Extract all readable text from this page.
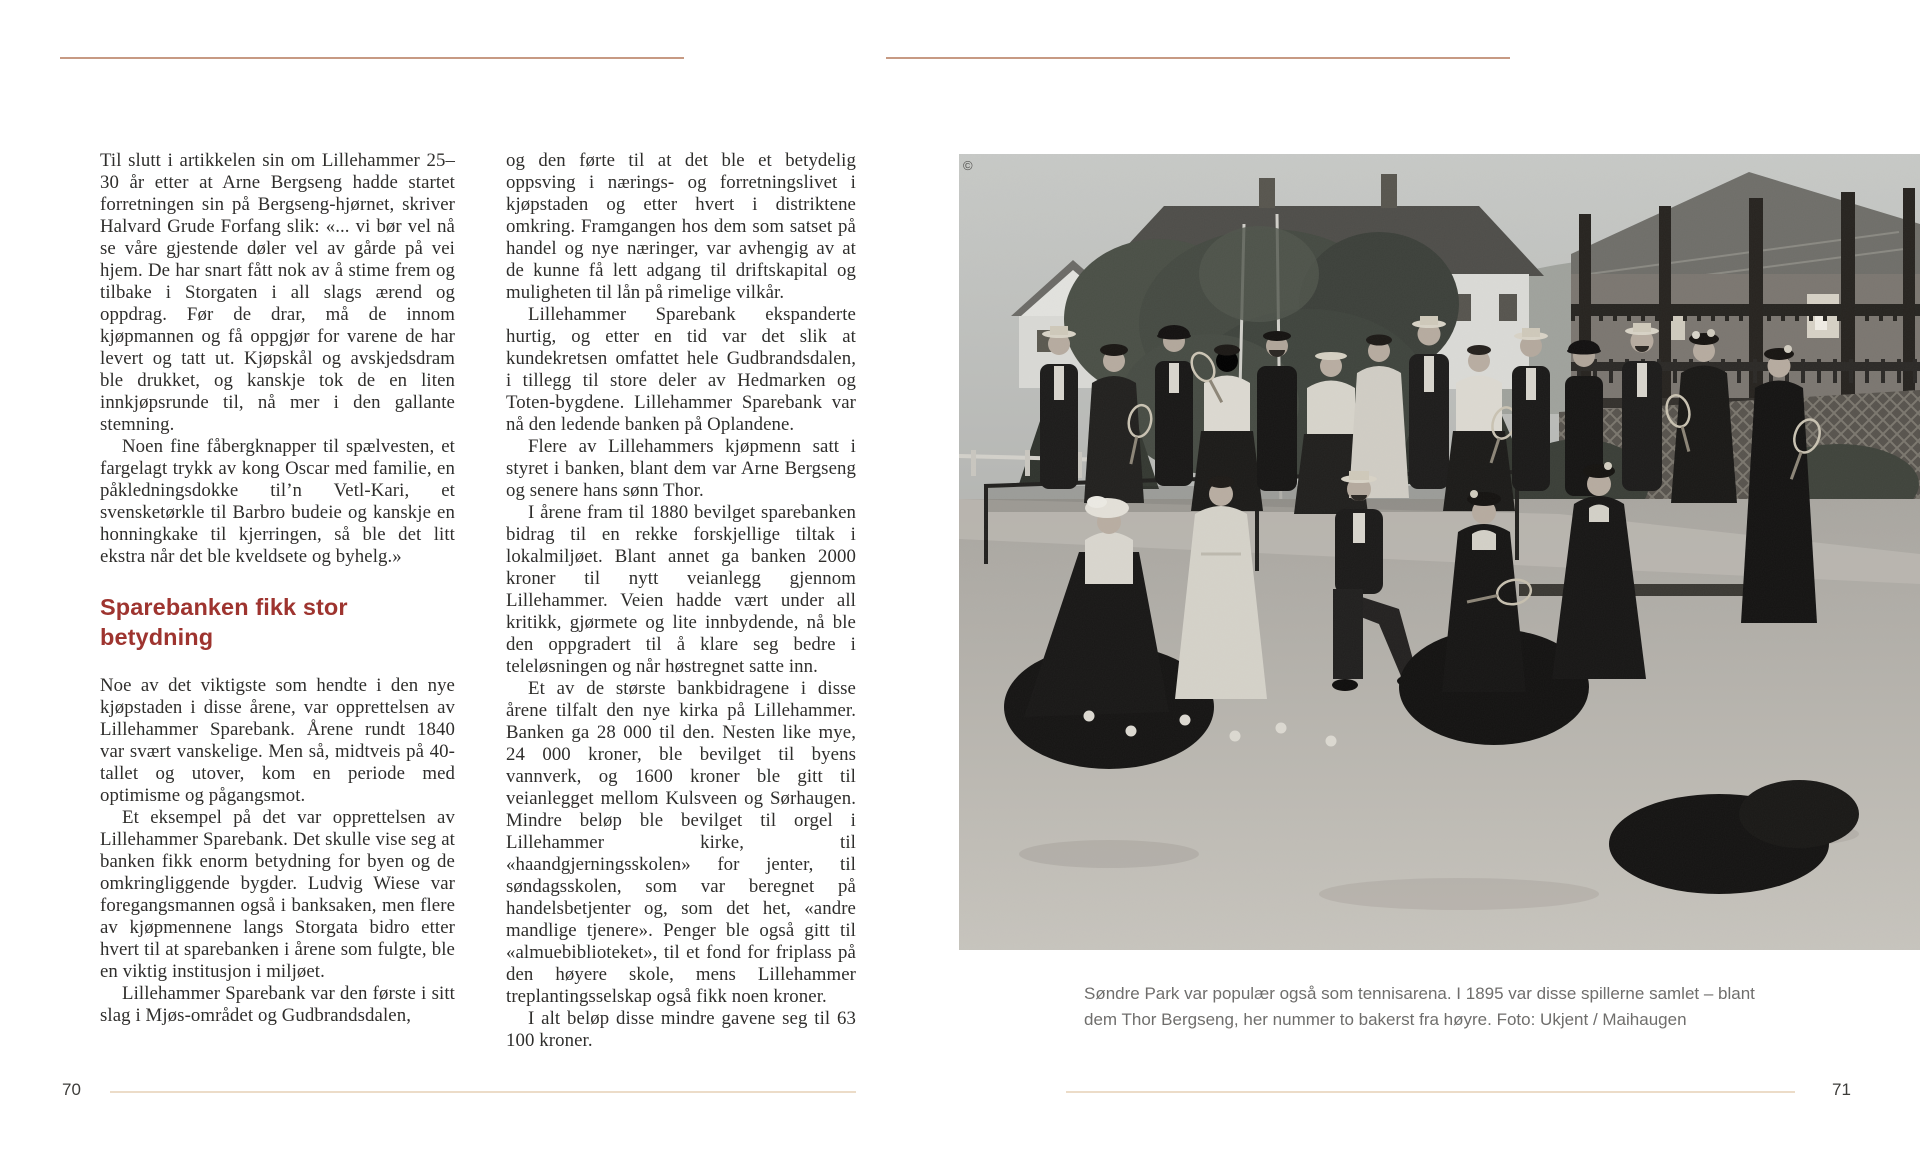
70	71

Til slutt i artikkelen sin om Lillehammer 25–30 år etter at Arne Bergseng hadde startet forretningen sin på Bergseng-hjørnet, skriver Halvard Grude Forfang slik: «... vi bør vel nå se våre gjestende døler vel av gårde på vei hjem. De har snart fått nok av å stime frem og tilbake i Storgaten i all slags ærend og oppdrag. Før de drar, må de innom kjøpmannen og få oppgjør for varene de har levert og tatt ut. Kjøpskål og avskjedsdram ble drukket, og kanskje tok de en liten innkjøpsrunde til, nå mer i den gallante stemning.

Noen fine fåbergknapper til spælvesten, et fargelagt trykk av kong Oscar med familie, en påkledningsdokke til’n Vetl-Kari, et svensketørkle til Barbro budeie og kanskje en honningkake til kjerringen, så ble det litt ekstra når det ble kveldsete og byhelg.»

Sparebanken fikk stor betydning

Noe av det viktigste som hendte i den nye kjøpstaden i disse årene, var opprettelsen av Lillehammer Sparebank. Årene rundt 1840 var svært vanskelige. Men så, midtveis på 40-tallet og utover, kom en periode med optimisme og pågangsmot.

Et eksempel på det var opprettelsen av Lillehammer Sparebank. Det skulle vise seg at banken fikk enorm betydning for byen og de omkringliggende bygder. Ludvig Wiese var foregangsmannen også i banksaken, men flere av kjøpmennene langs Storgata bidro etter hvert til at sparebanken i årene som fulgte, ble en viktig institusjon i miljøet.

Lillehammer Sparebank var den første i sitt slag i Mjøs-området og Gudbrandsdalen,

og den førte til at det ble et betydelig oppsving i nærings- og forretningslivet i kjøpstaden og etter hvert i distriktene omkring. Framgangen hos dem som satset på handel og nye næringer, var avhengig av at de kunne få lett adgang til driftskapital og muligheten til lån på rimelige vilkår.

Lillehammer Sparebank ekspanderte hurtig, og etter en tid var det slik at kundekretsen omfattet hele Gudbrandsdalen, i tillegg til store deler av Hedmarken og Toten-bygdene. Lillehammer Sparebank var nå den ledende banken på Oplandene.

Flere av Lillehammers kjøpmenn satt i styret i banken, blant dem var Arne Bergseng og senere hans sønn Thor.

I årene fram til 1880 bevilget sparebanken bidrag til en rekke forskjellige tiltak i lokalmiljøet. Blant annet ga banken 2000 kroner til nytt veianlegg gjennom Lillehammer. Veien hadde vært under all kritikk, gjørmete og lite innbydende, nå ble den oppgradert til å klare seg bedre i teleløsningen og når høstregnet satte inn.

Et av de største bankbidragene i disse årene tilfalt den nye kirka på Lillehammer. Banken ga 28 000 til den. Nesten like mye, 24 000 kroner, ble bevilget til byens vannverk, og 1600 kroner ble gitt til veianlegget mellom Kulsveen og Sørhaugen. Mindre beløp ble bevilget til orgel i Lillehammer kirke, til «haandgjerningsskolen» for jenter, til søndagsskolen, som var beregnet på handelsbetjenter og, som det het, «andre mandlige tjenere». Penger ble også gitt til «almuebiblioteket», til et fond for friplass på den høyere skole, mens Lillehammer treplantingsselskap også fikk noen kroner.

I alt beløp disse mindre gavene seg til 63 100 kroner.

©
Søndre Park var populær også som tennisarena. I 1895 var disse spillerne samlet – blant dem Thor Bergseng, her nummer to bakerst fra høyre. Foto: Ukjent / Maihaugen
